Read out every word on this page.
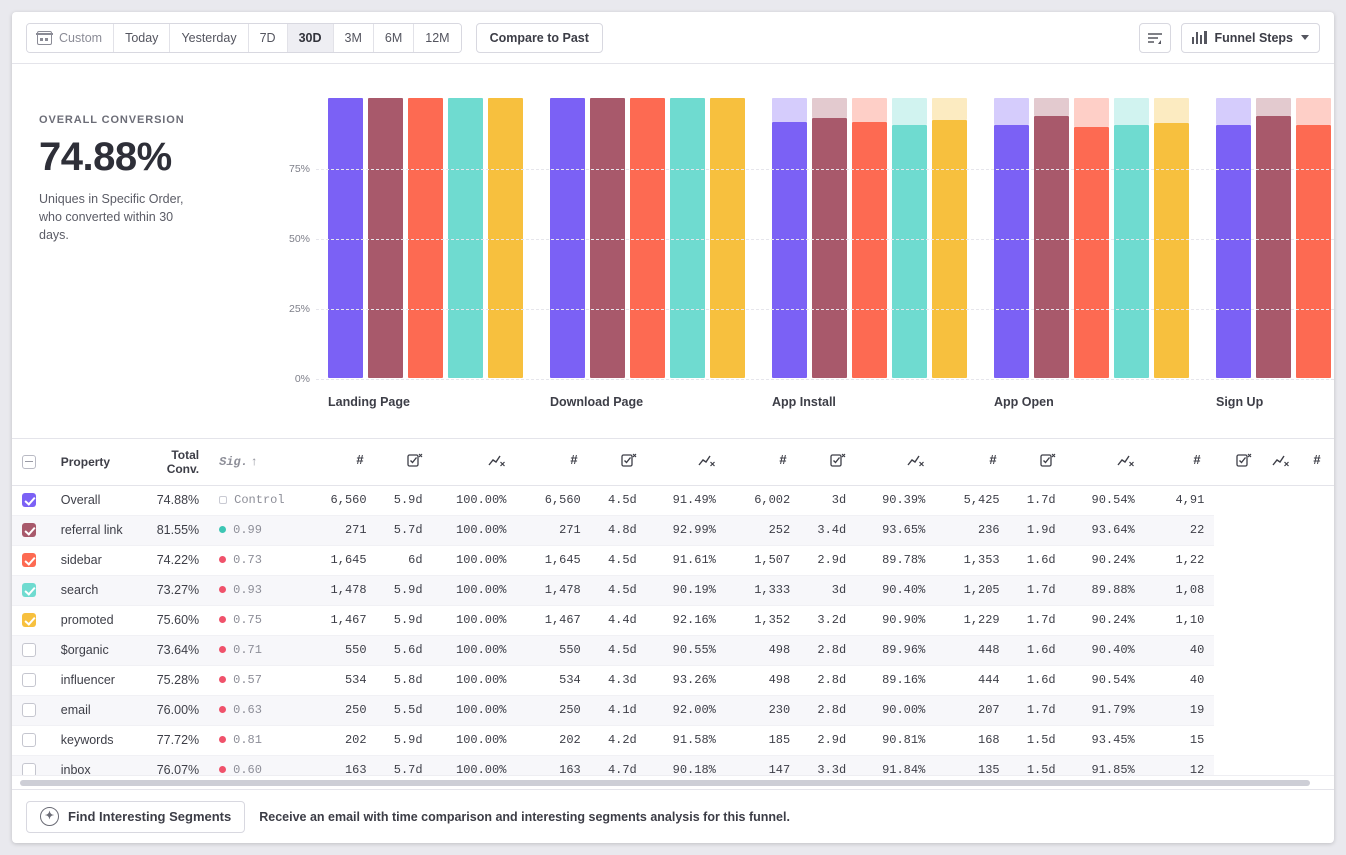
Custom	Today	Yesterday	7D	30D	3M	6M	12M	Compare to Past	Funnel Steps
OVERALL CONVERSION
74.88%
Uniques in Specific Order, who converted within 30 days.
0%
25%
50%
75%
Landing Page	Download Page	App Install	App Open	Sign Up
	Property	Total
Conv.	Sig. ↑	#			#			#			#			#			#

	Overall	74.88%	Control	6,560	5.9d	100.00%	6,560	4.5d	91.49%	6,002	3d	90.39%	5,425	1.7d	90.54%	4,91			
	referral link	81.55%	0.99	271	5.7d	100.00%	271	4.8d	92.99%	252	3.4d	93.65%	236	1.9d	93.64%	22			
	sidebar	74.22%	0.73	1,645	6d	100.00%	1,645	4.5d	91.61%	1,507	2.9d	89.78%	1,353	1.6d	90.24%	1,22			
	search	73.27%	0.93	1,478	5.9d	100.00%	1,478	4.5d	90.19%	1,333	3d	90.40%	1,205	1.7d	89.88%	1,08			
	promoted	75.60%	0.75	1,467	5.9d	100.00%	1,467	4.4d	92.16%	1,352	3.2d	90.90%	1,229	1.7d	90.24%	1,10			
	$organic	73.64%	0.71	550	5.6d	100.00%	550	4.5d	90.55%	498	2.8d	89.96%	448	1.6d	90.40%	40			
	influencer	75.28%	0.57	534	5.8d	100.00%	534	4.3d	93.26%	498	2.8d	89.16%	444	1.6d	90.54%	40			
	email	76.00%	0.63	250	5.5d	100.00%	250	4.1d	92.00%	230	2.8d	90.00%	207	1.7d	91.79%	19			
	keywords	77.72%	0.81	202	5.9d	100.00%	202	4.2d	91.58%	185	2.9d	90.81%	168	1.5d	93.45%	15			
	inbox	76.07%	0.60	163	5.7d	100.00%	163	4.7d	90.18%	147	3.3d	91.84%	135	1.5d	91.85%	12			
✦
Find Interesting Segments Receive an email with time comparison and interesting segments analysis for this funnel.
